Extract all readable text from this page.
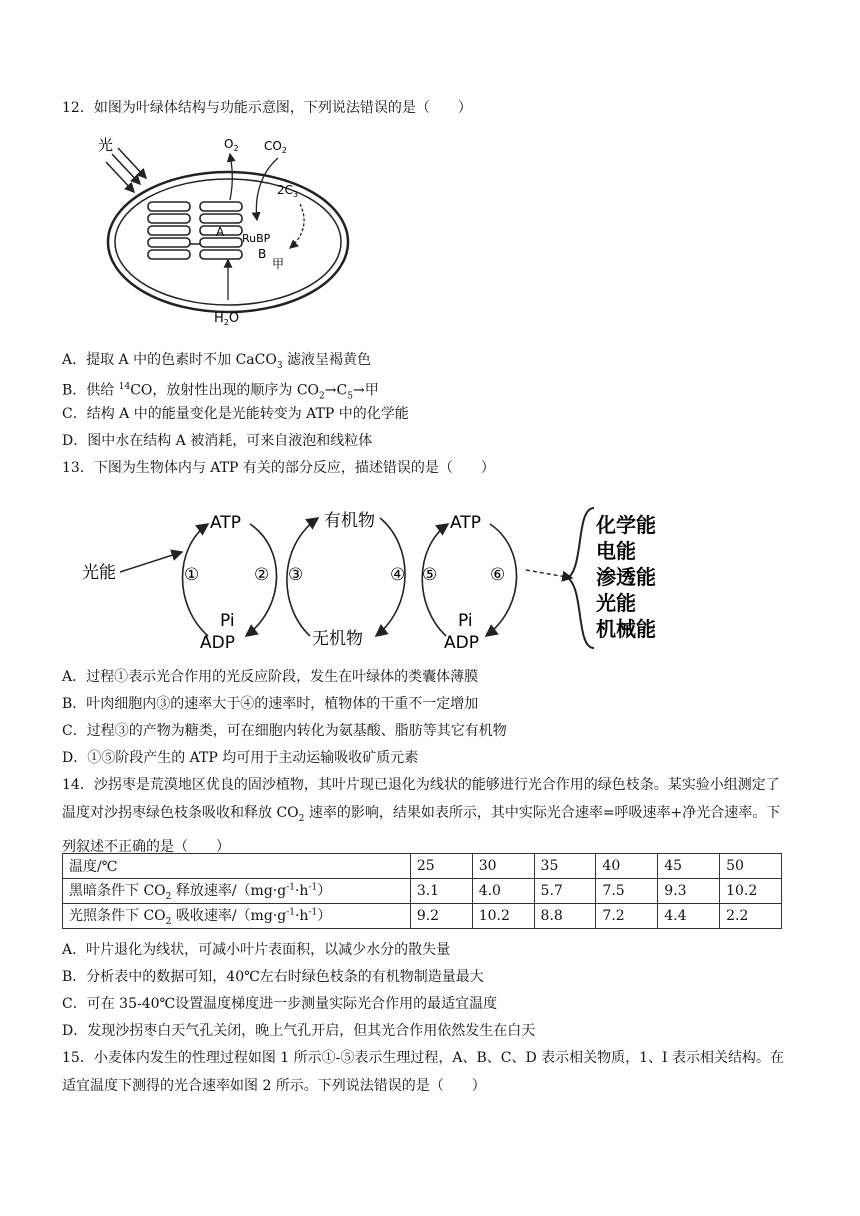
12．如图为叶绿体结构与功能示意图，下列说法错误的是（　　）
光
A
$O_2$ $CO_2$
$2C_3$
RuBP
B
甲
$H_2O$
A．提取 A 中的色素时不加 CaCO$_3$ 滤液呈褐黄色
B．供给 $^{14}$CO，放射性出现的顺序为 $CO_2\to C_5\to$甲
C．结构 A 中的能量变化是光能转变为 ATP 中的化学能
D．图中水在结构 A 被消耗，可来自液泡和线粒体
13．下图为生物体内与 ATP 有关的部分反应，描述错误的是（　　）
ATP
ADP
Pi
光能
有机物
无机物
ATP
ADP
Pi
①	② ③	④ ⑤	⑥
化学能
电能
渗透能
光能
机械能
A．过程①表示光合作用的光反应阶段，发生在叶绿体的类囊体薄膜
B．叶肉细胞内③的速率大于④的速率时，植物体的干重不一定增加
C．过程③的产物为糖类，可在细胞内转化为氨基酸、脂肪等其它有机物
D．①⑤阶段产生的 ATP 均可用于主动运输吸收矿质元素
14．沙拐枣是荒漠地区优良的固沙植物，其叶片现已退化为线状的能够进行光合作用的绿色枝条。某实验小组测定了温度对沙拐枣绿色枝条吸收和释放 $CO_2$ 速率的影响，结果如表所示，其中实际光合速率=呼吸速率+净光合速率。下列叙述不正确的是（　　）
温度/℃	25	30	35	40	45	50
黑暗条件下 $CO_2$ 释放速率$/(mg\cdot g^{-1}\cdot h^{-1})$	3.1	4.0	5.7	7.5	9.3	10.2
光照条件下 $CO_2$ 吸收速率$/(mg\cdot g^{-1}\cdot h^{-1})$	9.2	10.2	8.8	7.2	4.4	2.2
A．叶片退化为线状，可减小叶片表面积，以减少水分的散失量
B．分析表中的数据可知，40℃左右时绿色枝条的有机物制造量最大
C．可在 35-40℃设置温度梯度进一步测量实际光合作用的最适宜温度
D．发现沙拐枣白天气孔关闭，晚上气孔开启，但其光合作用依然发生在白天
15．小麦体内发生的性理过程如图 1 所示①-⑤表示生理过程，A、B、C、D 表示相关物质，1、I 表示相关结构。在适宜温度下测得的光合速率如图 2 所示。下列说法错误的是（　　）
